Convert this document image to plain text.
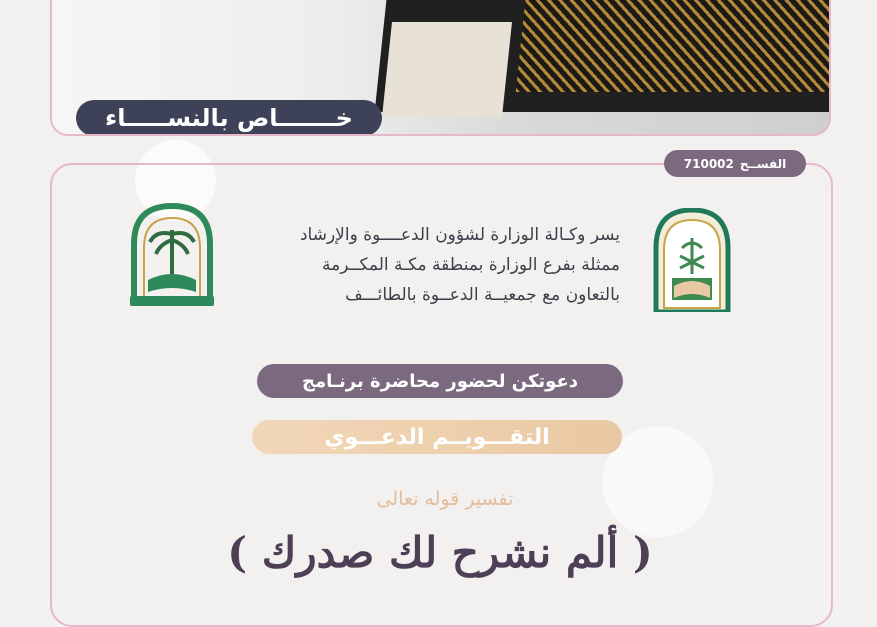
خـــــــاص بالنســـــاء
الفســح
710002
يسر وكـالة الوزارة لشؤون الدعــــوة والإرشاد
ممثلة بفرع الوزارة بمنطقة مكـة المكــرمة
بالتعاون مع جمعيــة الدعــوة بالطائـــف
دعوتكن لحضور محاضرة برنـامج
التقـــويــم الدعـــوي
تفسير قوله تعالى
( ألم نشرح لك صدرك )
